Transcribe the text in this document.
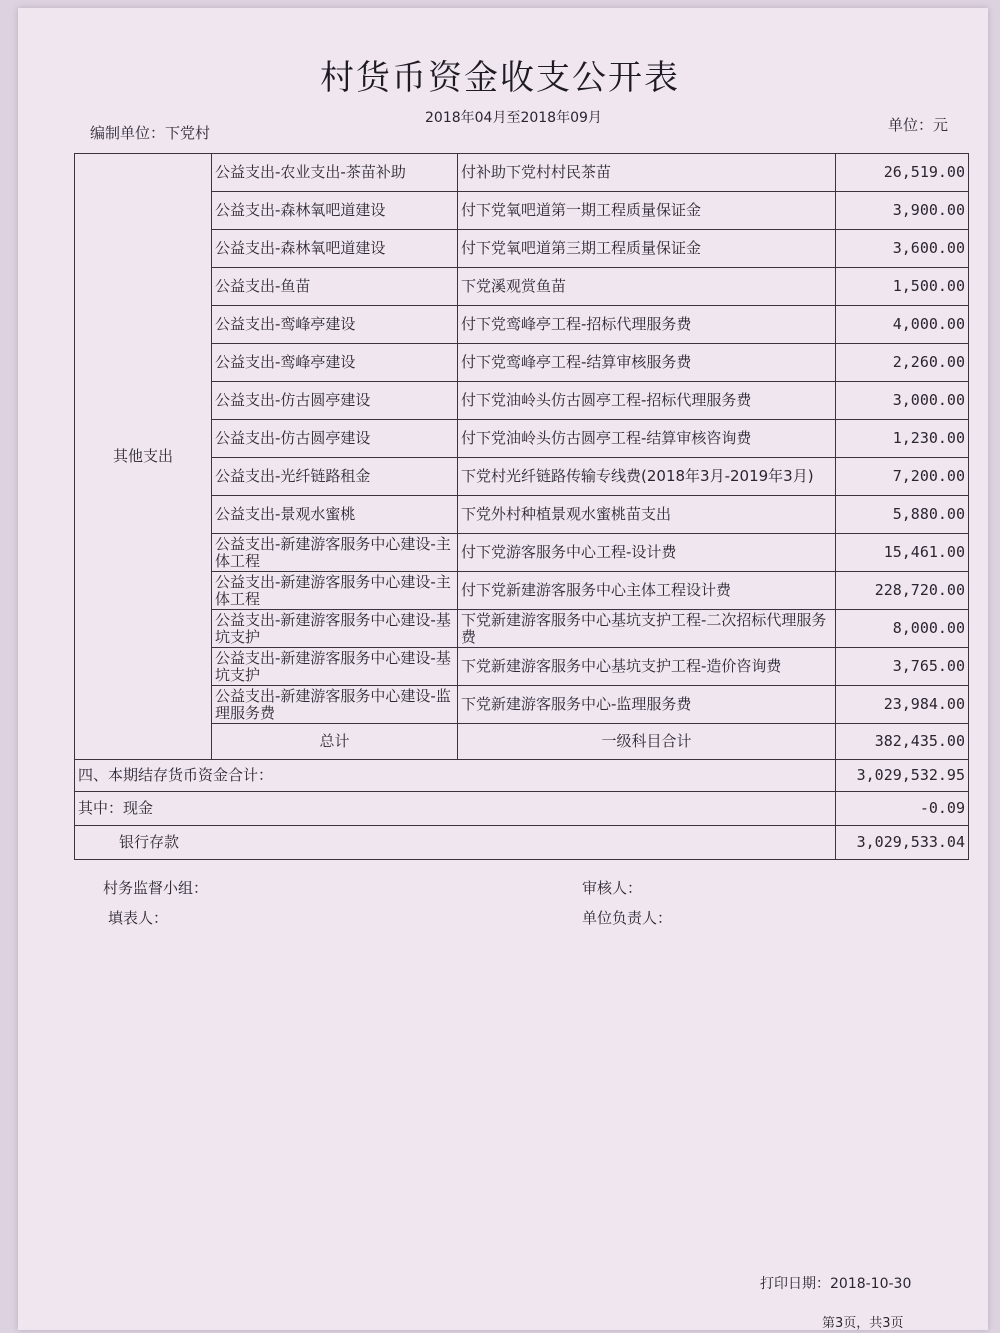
村货币资金收支公开表
2018年04月至2018年09月
编制单位：下党村	单位：元
其他支出	公益支出-农业支出-茶苗补助	付补助下党村村民茶苗	26,519.00
	公益支出-森林氧吧道建设	付下党氧吧道第一期工程质量保证金	3,900.00
	公益支出-森林氧吧道建设	付下党氧吧道第三期工程质量保证金	3,600.00
	公益支出-鱼苗	下党溪观赏鱼苗	1,500.00
	公益支出-鸾峰亭建设	付下党鸾峰亭工程-招标代理服务费	4,000.00
	公益支出-鸾峰亭建设	付下党鸾峰亭工程-结算审核服务费	2,260.00
	公益支出-仿古圆亭建设	付下党油岭头仿古圆亭工程-招标代理服务费	3,000.00
	公益支出-仿古圆亭建设	付下党油岭头仿古圆亭工程-结算审核咨询费	1,230.00
	公益支出-光纤链路租金	下党村光纤链路传输专线费(2018年3月-2019年3月)	7,200.00
	公益支出-景观水蜜桃	下党外村种植景观水蜜桃苗支出	5,880.00
	公益支出-新建游客服务中心建设-主体工程	付下党游客服务中心工程-设计费	15,461.00
	公益支出-新建游客服务中心建设-主体工程	付下党新建游客服务中心主体工程设计费	228,720.00
	公益支出-新建游客服务中心建设-基坑支护	下党新建游客服务中心基坑支护工程-二次招标代理服务费	8,000.00
	公益支出-新建游客服务中心建设-基坑支护	下党新建游客服务中心基坑支护工程-造价咨询费	3,765.00
	公益支出-新建游客服务中心建设-监理服务费	下党新建游客服务中心-监理服务费	23,984.00
	总计	一级科目合计	382,435.00
四、本期结存货币资金合计：			3,029,532.95
其中：现金			-0.09
银行存款			3,029,533.04
村务监督小组：	审核人：
填表人：	单位负责人：
打印日期：2018-10-30
第3页，共3页
